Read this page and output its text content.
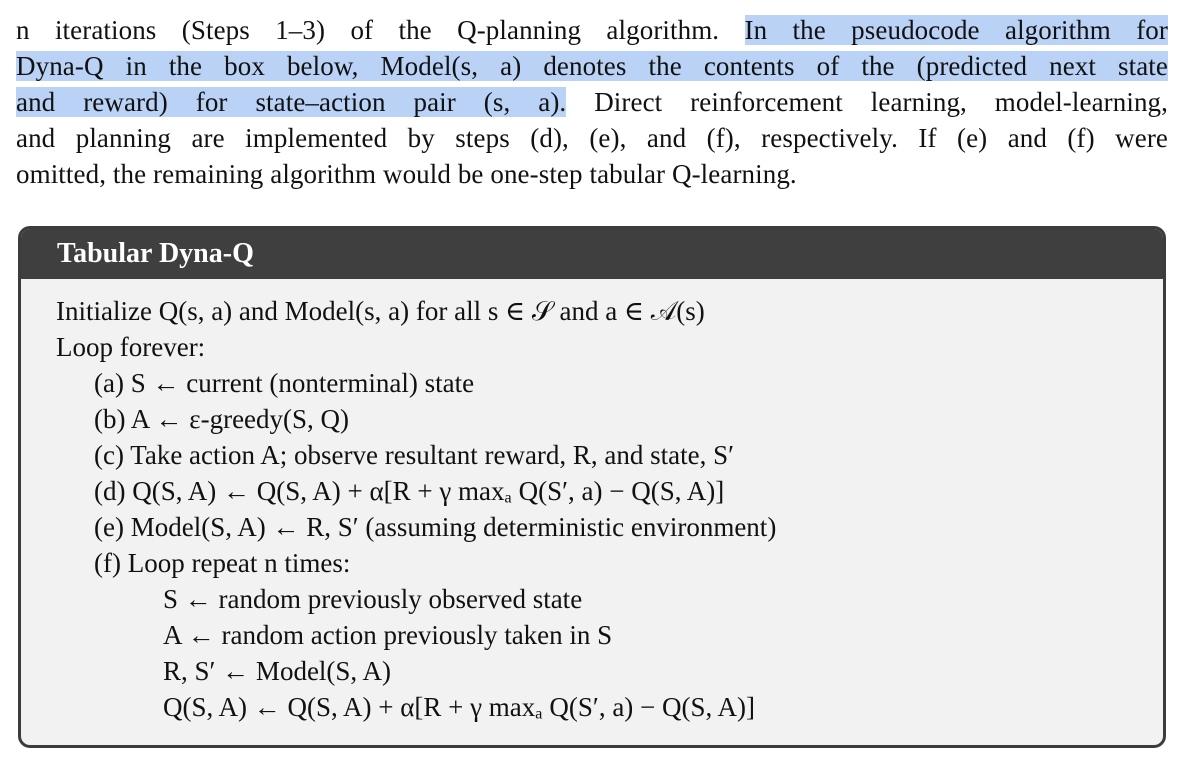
n iterations (Steps 1–3) of the Q-planning algorithm. In the pseudocode algorithm for
Dyna-Q in the box below, Model(s, a) denotes the contents of the (predicted next state
and reward) for state–action pair (s, a). Direct reinforcement learning, model-learning,
and planning are implemented by steps (d), (e), and (f), respectively. If (e) and (f) were
omitted, the remaining algorithm would be one-step tabular Q-learning.
Tabular Dyna-Q
Initialize Q(s, a) and Model(s, a) for all s ∈ 𝒮 and a ∈ 𝒜(s)
Loop forever:
(a) S ← current (nonterminal) state
(b) A ← ε-greedy(S, Q)
(c) Take action A; observe resultant reward, R, and state, S′
(d) Q(S, A) ← Q(S, A) + α[R + γ maxₐ Q(S′, a) − Q(S, A)]
(e) Model(S, A) ← R, S′ (assuming deterministic environment)
(f) Loop repeat n times:
S ← random previously observed state
A ← random action previously taken in S
R, S′ ← Model(S, A)
Q(S, A) ← Q(S, A) + α[R + γ maxₐ Q(S′, a) − Q(S, A)]
